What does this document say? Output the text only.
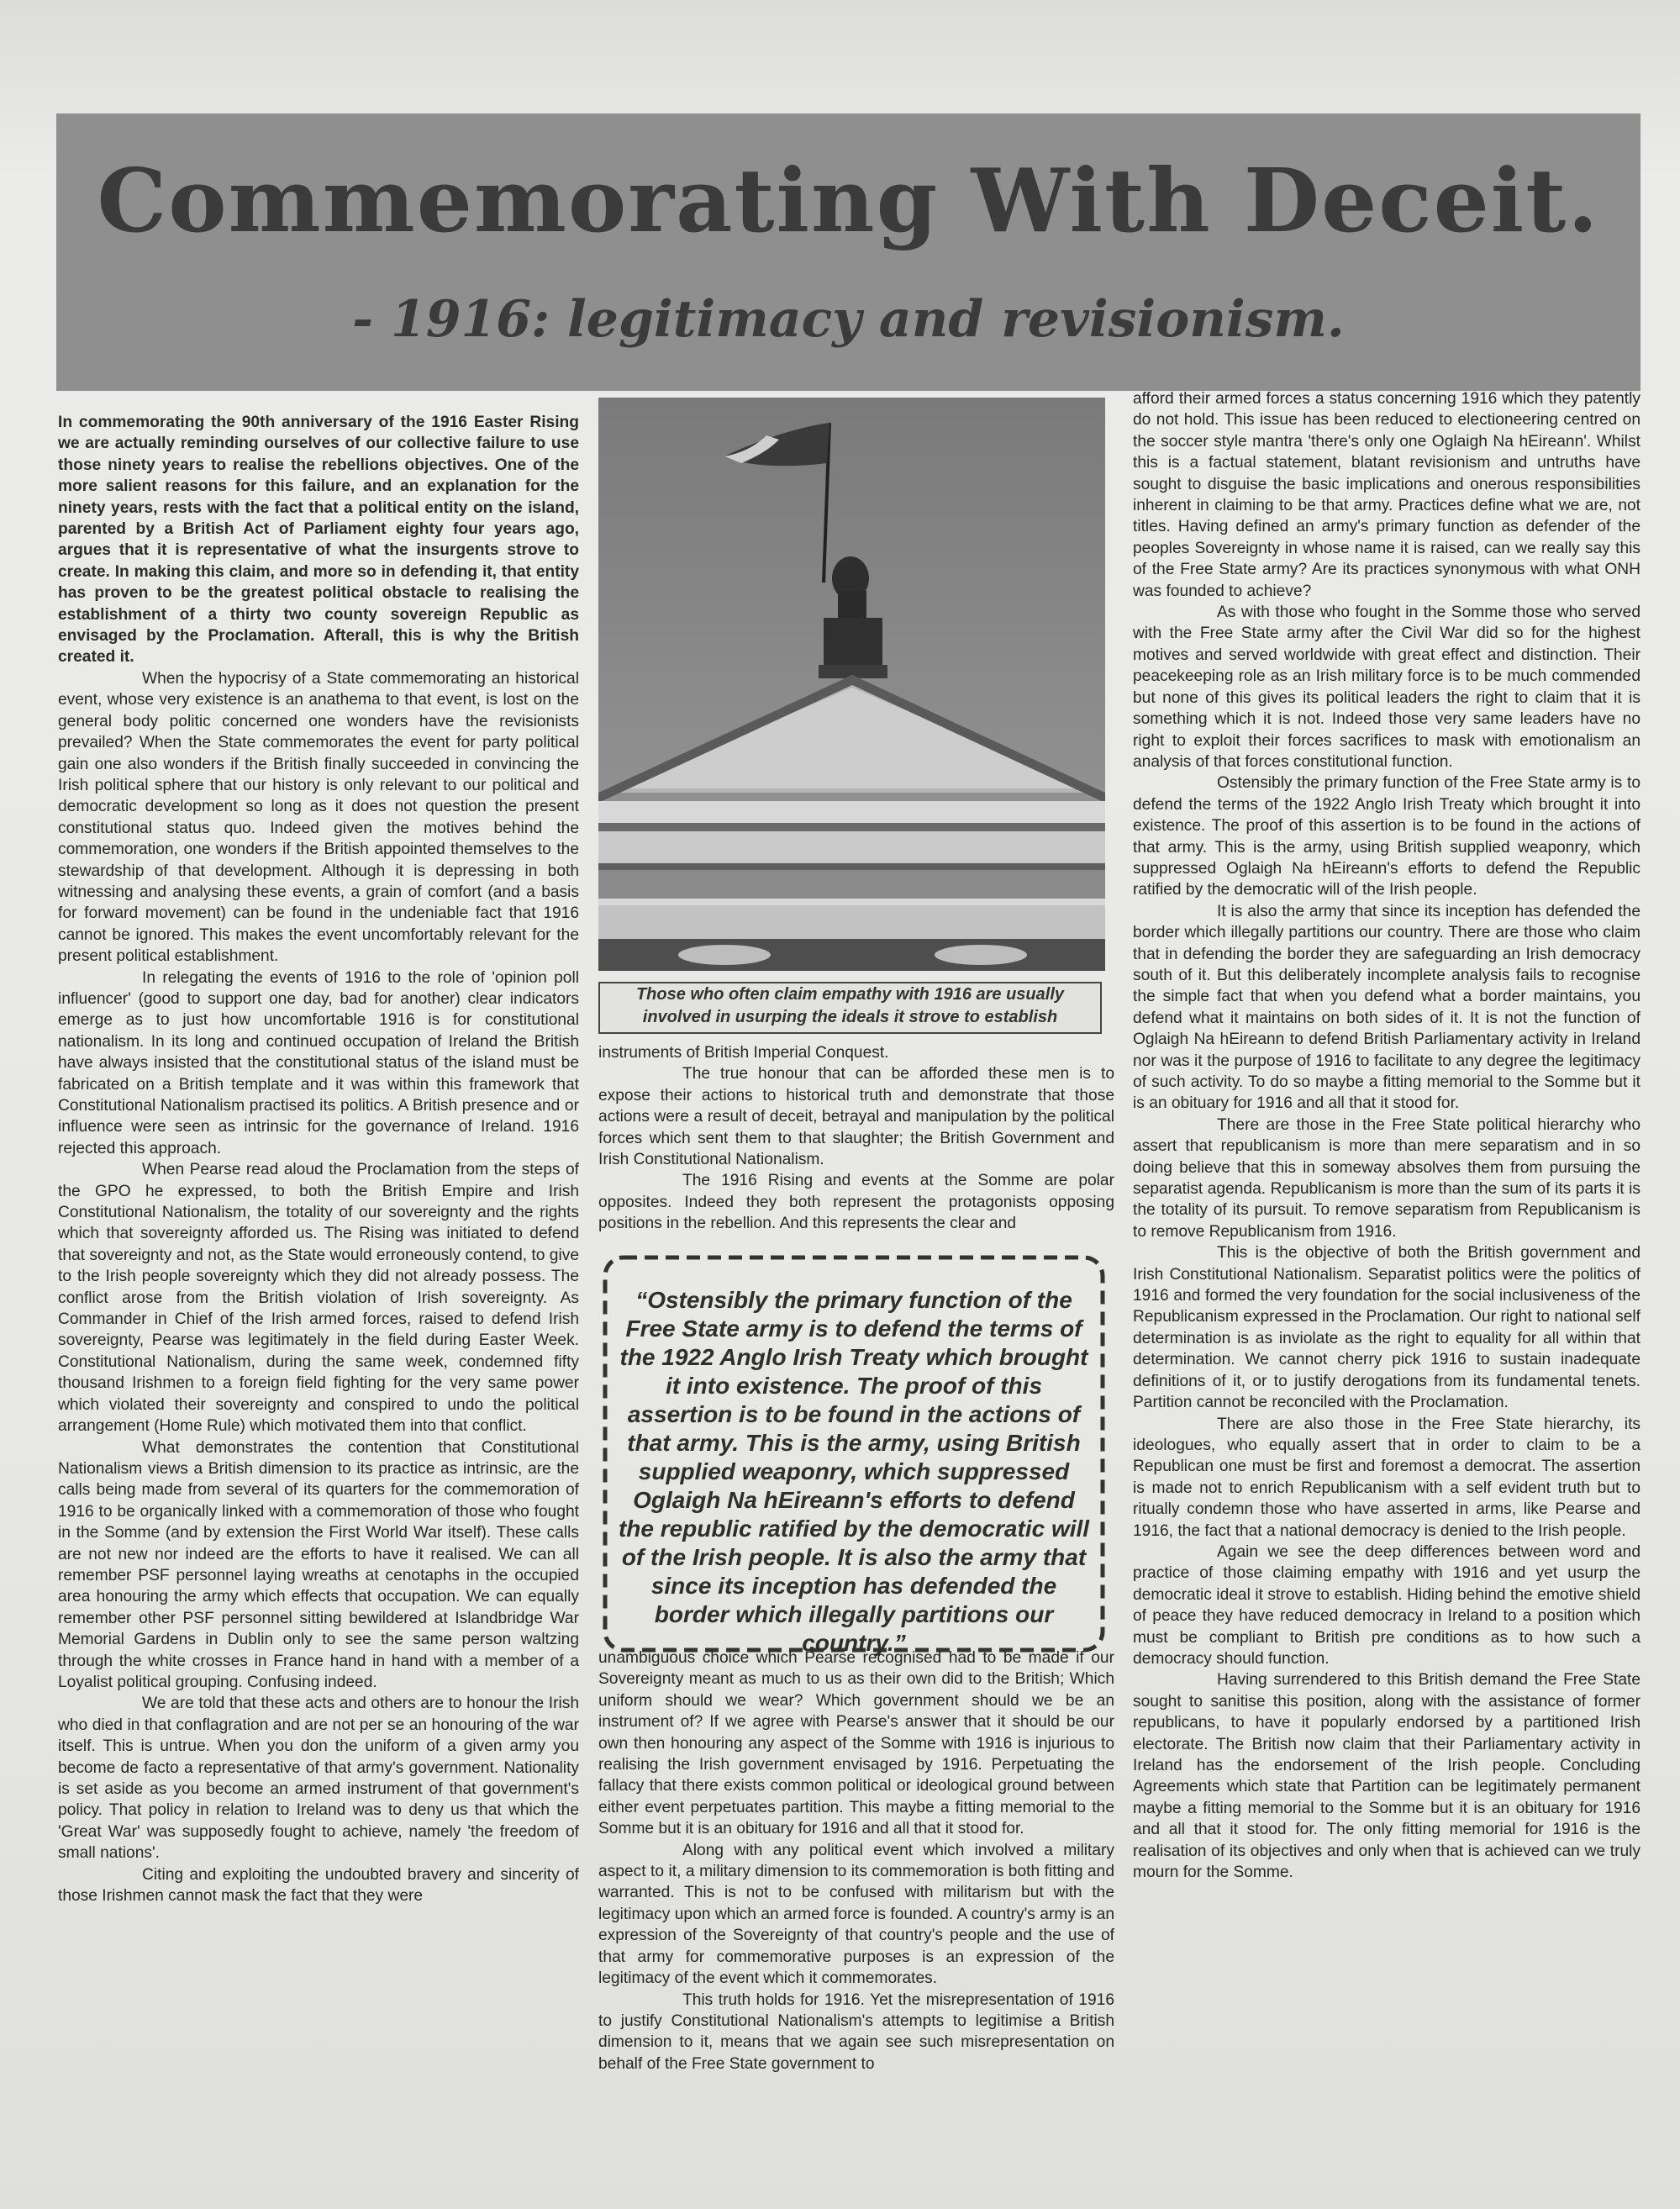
Commemorating With Deceit.
- 1916: legitimacy and revisionism.

In commemorating the 90th anniversary of the 1916 Easter Rising we are actually reminding ourselves of our collective failure to use those ninety years to realise the rebellions objectives. One of the more salient reasons for this failure, and an explanation for the ninety years, rests with the fact that a political entity on the island, parented by a British Act of Parliament eighty four years ago, argues that it is representative of what the insurgents strove to create. In making this claim, and more so in defending it, that entity has proven to be the greatest political obstacle to realising the establishment of a thirty two county sovereign Republic as envisaged by the Proclamation. Afterall, this is why the British created it.

When the hypocrisy of a State commemorating an historical event, whose very existence is an anathema to that event, is lost on the general body politic concerned one wonders have the revisionists prevailed? When the State commemorates the event for party political gain one also wonders if the British finally succeeded in convincing the Irish political sphere that our history is only relevant to our political and democratic development so long as it does not question the present constitutional status quo. Indeed given the motives behind the commemoration, one wonders if the British appointed themselves to the stewardship of that development. Although it is depressing in both witnessing and analysing these events, a grain of comfort (and a basis for forward movement) can be found in the undeniable fact that 1916 cannot be ignored. This makes the event uncomfortably relevant for the present political establishment.

In relegating the events of 1916 to the role of 'opinion poll influencer' (good to support one day, bad for another) clear indicators emerge as to just how uncomfortable 1916 is for constitutional nationalism. In its long and continued occupation of Ireland the British have always insisted that the constitutional status of the island must be fabricated on a British template and it was within this framework that Constitutional Nationalism practised its politics. A British presence and or influence were seen as intrinsic for the governance of Ireland. 1916 rejected this approach.

When Pearse read aloud the Proclamation from the steps of the GPO he expressed, to both the British Empire and Irish Constitutional Nationalism, the totality of our sovereignty and the rights which that sovereignty afforded us. The Rising was initiated to defend that sovereignty and not, as the State would erroneously contend, to give to the Irish people sovereignty which they did not already possess. The conflict arose from the British violation of Irish sovereignty. As Commander in Chief of the Irish armed forces, raised to defend Irish sovereignty, Pearse was legitimately in the field during Easter Week. Constitutional Nationalism, during the same week, condemned fifty thousand Irishmen to a foreign field fighting for the very same power which violated their sovereignty and conspired to undo the political arrangement (Home Rule) which motivated them into that conflict.

What demonstrates the contention that Constitutional Nationalism views a British dimension to its practice as intrinsic, are the calls being made from several of its quarters for the commemoration of 1916 to be organically linked with a commemoration of those who fought in the Somme (and by extension the First World War itself). These calls are not new nor indeed are the efforts to have it realised. We can all remember PSF personnel laying wreaths at cenotaphs in the occupied area honouring the army which effects that occupation. We can equally remember other PSF personnel sitting bewildered at Islandbridge War Memorial Gardens in Dublin only to see the same person waltzing through the white crosses in France hand in hand with a member of a Loyalist political grouping. Confusing indeed.

We are told that these acts and others are to honour the Irish who died in that conflagration and are not per se an honouring of the war itself. This is untrue. When you don the uniform of a given army you become de facto a representative of that army's government. Nationality is set aside as you become an armed instrument of that government's policy. That policy in relation to Ireland was to deny us that which the 'Great War' was supposedly fought to achieve, namely 'the freedom of small nations'.

Citing and exploiting the undoubted bravery and sincerity of those Irishmen cannot mask the fact that they were

Those who often claim empathy with 1916 are usually involved in usurping the ideals it strove to establish

instruments of British Imperial Conquest.

The true honour that can be afforded these men is to expose their actions to historical truth and demonstrate that those actions were a result of deceit, betrayal and manipulation by the political forces which sent them to that slaughter; the British Government and Irish Constitutional Nationalism.

The 1916 Rising and events at the Somme are polar opposites. Indeed they both represent the protagonists opposing positions in the rebellion. And this represents the clear and

“Ostensibly the primary function of the Free State army is to defend the terms of the 1922 Anglo Irish Treaty which brought it into existence. The proof of this assertion is to be found in the actions of that army. This is the army, using British supplied weaponry, which suppressed Oglaigh Na hEireann's efforts to defend the republic ratified by the democratic will of the Irish people. It is also the army that since its inception has defended the border which illegally partitions our country.”

unambiguous choice which Pearse recognised had to be made if our Sovereignty meant as much to us as their own did to the British; Which uniform should we wear? Which government should we be an instrument of? If we agree with Pearse's answer that it should be our own then honouring any aspect of the Somme with 1916 is injurious to realising the Irish government envisaged by 1916. Perpetuating the fallacy that there exists common political or ideological ground between either event perpetuates partition. This maybe a fitting memorial to the Somme but it is an obituary for 1916 and all that it stood for.

Along with any political event which involved a military aspect to it, a military dimension to its commemoration is both fitting and warranted. This is not to be confused with militarism but with the legitimacy upon which an armed force is founded. A country's army is an expression of the Sovereignty of that country's people and the use of that army for commemorative purposes is an expression of the legitimacy of the event which it commemorates.

This truth holds for 1916. Yet the misrepresentation of 1916 to justify Constitutional Nationalism's attempts to legitimise a British dimension to it, means that we again see such misrepresentation on behalf of the Free State government to

afford their armed forces a status concerning 1916 which they patently do not hold. This issue has been reduced to electioneering centred on the soccer style mantra 'there's only one Oglaigh Na hEireann'. Whilst this is a factual statement, blatant revisionism and untruths have sought to disguise the basic implications and onerous responsibilities inherent in claiming to be that army. Practices define what we are, not titles. Having defined an army's primary function as defender of the peoples Sovereignty in whose name it is raised, can we really say this of the Free State army? Are its practices synonymous with what ONH was founded to achieve?

As with those who fought in the Somme those who served with the Free State army after the Civil War did so for the highest motives and served worldwide with great effect and distinction. Their peacekeeping role as an Irish military force is to be much commended but none of this gives its political leaders the right to claim that it is something which it is not. Indeed those very same leaders have no right to exploit their forces sacrifices to mask with emotionalism an analysis of that forces constitutional function.

Ostensibly the primary function of the Free State army is to defend the terms of the 1922 Anglo Irish Treaty which brought it into existence. The proof of this assertion is to be found in the actions of that army. This is the army, using British supplied weaponry, which suppressed Oglaigh Na hEireann's efforts to defend the Republic ratified by the democratic will of the Irish people.

It is also the army that since its inception has defended the border which illegally partitions our country. There are those who claim that in defending the border they are safeguarding an Irish democracy south of it. But this deliberately incomplete analysis fails to recognise the simple fact that when you defend what a border maintains, you defend what it maintains on both sides of it. It is not the function of Oglaigh Na hEireann to defend British Parliamentary activity in Ireland nor was it the purpose of 1916 to facilitate to any degree the legitimacy of such activity. To do so maybe a fitting memorial to the Somme but it is an obituary for 1916 and all that it stood for.

There are those in the Free State political hierarchy who assert that republicanism is more than mere separatism and in so doing believe that this in someway absolves them from pursuing the separatist agenda. Republicanism is more than the sum of its parts it is the totality of its pursuit. To remove separatism from Republicanism is to remove Republicanism from 1916.

This is the objective of both the British government and Irish Constitutional Nationalism. Separatist politics were the politics of 1916 and formed the very foundation for the social inclusiveness of the Republicanism expressed in the Proclamation. Our right to national self determination is as inviolate as the right to equality for all within that determination. We cannot cherry pick 1916 to sustain inadequate definitions of it, or to justify derogations from its fundamental tenets. Partition cannot be reconciled with the Proclamation.

There are also those in the Free State hierarchy, its ideologues, who equally assert that in order to claim to be a Republican one must be first and foremost a democrat. The assertion is made not to enrich Republicanism with a self evident truth but to ritually condemn those who have asserted in arms, like Pearse and 1916, the fact that a national democracy is denied to the Irish people.

Again we see the deep differences between word and practice of those claiming empathy with 1916 and yet usurp the democratic ideal it strove to establish. Hiding behind the emotive shield of peace they have reduced democracy in Ireland to a position which must be compliant to British pre conditions as to how such a democracy should function.

Having surrendered to this British demand the Free State sought to sanitise this position, along with the assistance of former republicans, to have it popularly endorsed by a partitioned Irish electorate. The British now claim that their Parliamentary activity in Ireland has the endorsement of the Irish people. Concluding Agreements which state that Partition can be legitimately permanent maybe a fitting memorial to the Somme but it is an obituary for 1916 and all that it stood for. The only fitting memorial for 1916 is the realisation of its objectives and only when that is achieved can we truly mourn for the Somme.
